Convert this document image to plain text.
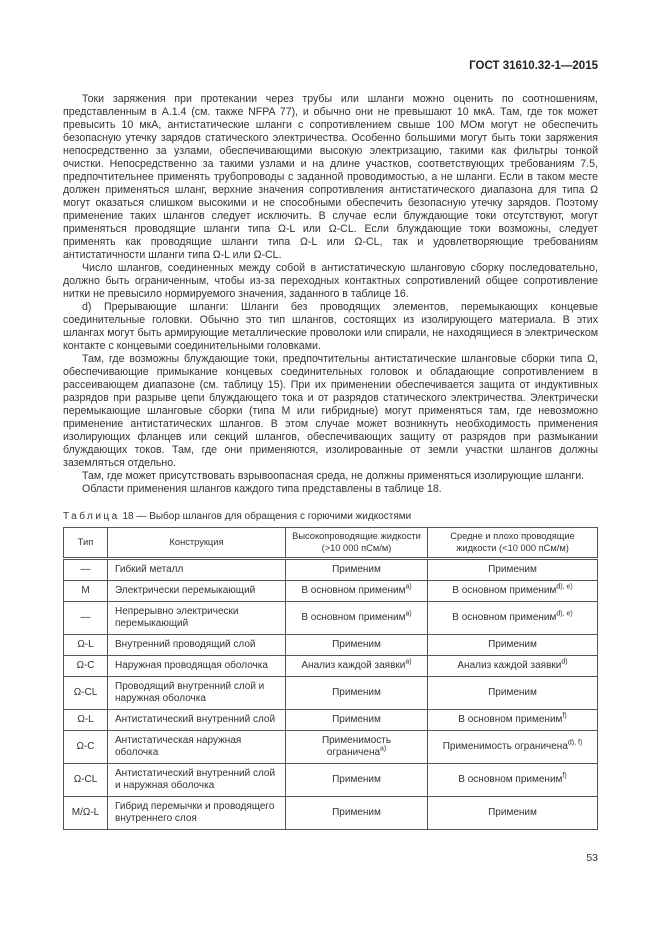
ГОСТ 31610.32-1—2015

Токи заряжения при протекании через трубы или шланги можно оценить по соотношениям, представленным в А.1.4 (см. также NFPA 77), и обычно они не превышают 10 мкА. Там, где ток может превысить 10 мкА, антистатические шланги с сопротивлением свыше 100 МОм могут не обеспечить безопасную утечку зарядов статического электричества. Особенно большими могут быть токи заряжения непосредственно за узлами, обеспечивающими высокую электризацию, такими как фильтры тонкой очистки. Непосредственно за такими узлами и на длине участков, соответствующих требованиям 7.5, предпочтительнее применять трубопроводы с заданной проводимостью, а не шланги. Если в таком месте должен применяться шланг, верхние значения сопротивления антистатического диапазона для типа Ω могут оказаться слишком высокими и не способными обеспечить безопасную утечку зарядов. Поэтому применение таких шлангов следует исключить. В случае если блуждающие токи отсутствуют, могут применяться проводящие шланги типа Ω-L или Ω-CL. Если блуждающие токи возможны, следует применять как проводящие шланги типа Ω-L или Ω-CL, так и удовлетворяющие требованиям антистатичности шланги типа Ω-L или Ω-CL.

Число шлангов, соединенных между собой в антистатическую шланговую сборку последовательно, должно быть ограниченным, чтобы из-за переходных контактных сопротивлений общее сопротивление нитки не превысило нормируемого значения, заданного в таблице 16.

d) Прерывающие шланги: Шланги без проводящих элементов, перемыкающих концевые соединительные головки. Обычно это тип шлангов, состоящих из изолирующего материала. В этих шлангах могут быть армирующие металлические проволоки или спирали, не находящиеся в электрическом контакте с концевыми соединительными головками.

Там, где возможны блуждающие токи, предпочтительны антистатические шланговые сборки типа Ω, обеспечивающие примыкание концевых соединительных головок и обладающие сопротивлением в рассеивающем диапазоне (см. таблицу 15). При их применении обеспечивается защита от индуктивных разрядов при разрыве цепи блуждающего тока и от разрядов статического электричества. Электрически перемыкающие шланговые сборки (типа М или гибридные) могут применяться там, где невозможно применение антистатических шлангов. В этом случае может возникнуть необходимость применения изолирующих фланцев или секций шлангов, обеспечивающих защиту от разрядов при размыкании блуждающих токов. Там, где они применяются, изолированные от земли участки шлангов должны заземляться отдельно.

Там, где может присутствовать взрывоопасная среда, не должны применяться изолирующие шланги.

Области применения шлангов каждого типа представлены в таблице 18.

Таблица 18 — Выбор шлангов для обращения с горючими жидкостями
Тип	Конструкция	Высокопроводящие жидкости (>10 000 пСм/м)	Средне и плохо проводящие жидкости (<10 000 пСм/м)
—	Гибкий металл	Применим	Применим
М	Электрически перемыкающий	В основном применим$^{a)}$	В основном применим$^{d), e)}$
—	Непрерывно электрически перемыкающий	В основном применим$^{a)}$	В основном применим$^{d), e)}$
Ω-L	Внутренний проводящий слой	Применим	Применим
Ω-C	Наружная проводящая оболочка	Анализ каждой заявки$^{a)}$	Анализ каждой заявки$^{d)}$
Ω-CL	Проводящий внутренний слой и наружная оболочка	Применим	Применим
Ω-L	Антистатический внутренний слой	Применим	В основном применим$^{f)}$
Ω-C	Антистатическая наружная оболочка	Применимость ограничена$^{a)}$	Применимость ограничена$^{d), f)}$
Ω-CL	Антистатический внутренний слой и наружная оболочка	Применим	В основном применим$^{f)}$
М/Ω-L	Гибрид перемычки и проводящего внутреннего слоя	Применим	Применим
53
